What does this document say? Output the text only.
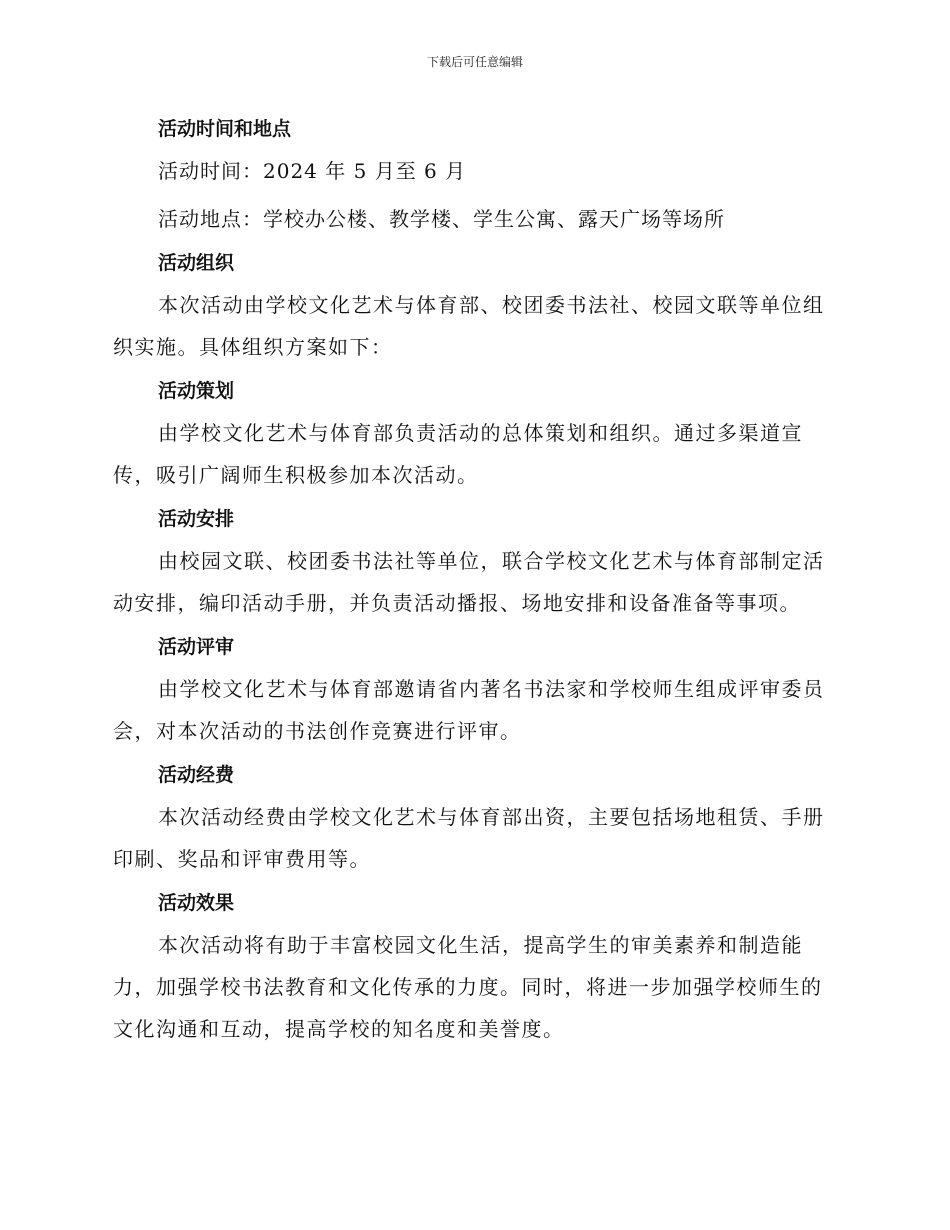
下载后可任意编辑
活动时间和地点

活动时间：2024 年 5 月至 6 月

活动地点：学校办公楼、教学楼、学生公寓、露天广场等场所

活动组织

本次活动由学校文化艺术与体育部、校团委书法社、校园文联等单位组织实施。具体组织方案如下：

活动策划

由学校文化艺术与体育部负责活动的总体策划和组织。通过多渠道宣传，吸引广阔师生积极参加本次活动。

活动安排

由校园文联、校团委书法社等单位，联合学校文化艺术与体育部制定活动安排，编印活动手册，并负责活动播报、场地安排和设备准备等事项。

活动评审

由学校文化艺术与体育部邀请省内著名书法家和学校师生组成评审委员会，对本次活动的书法创作竞赛进行评审。

活动经费

本次活动经费由学校文化艺术与体育部出资，主要包括场地租赁、手册印刷、奖品和评审费用等。

活动效果

本次活动将有助于丰富校园文化生活，提高学生的审美素养和制造能力，加强学校书法教育和文化传承的力度。同时，将进一步加强学校师生的文化沟通和互动，提高学校的知名度和美誉度。
